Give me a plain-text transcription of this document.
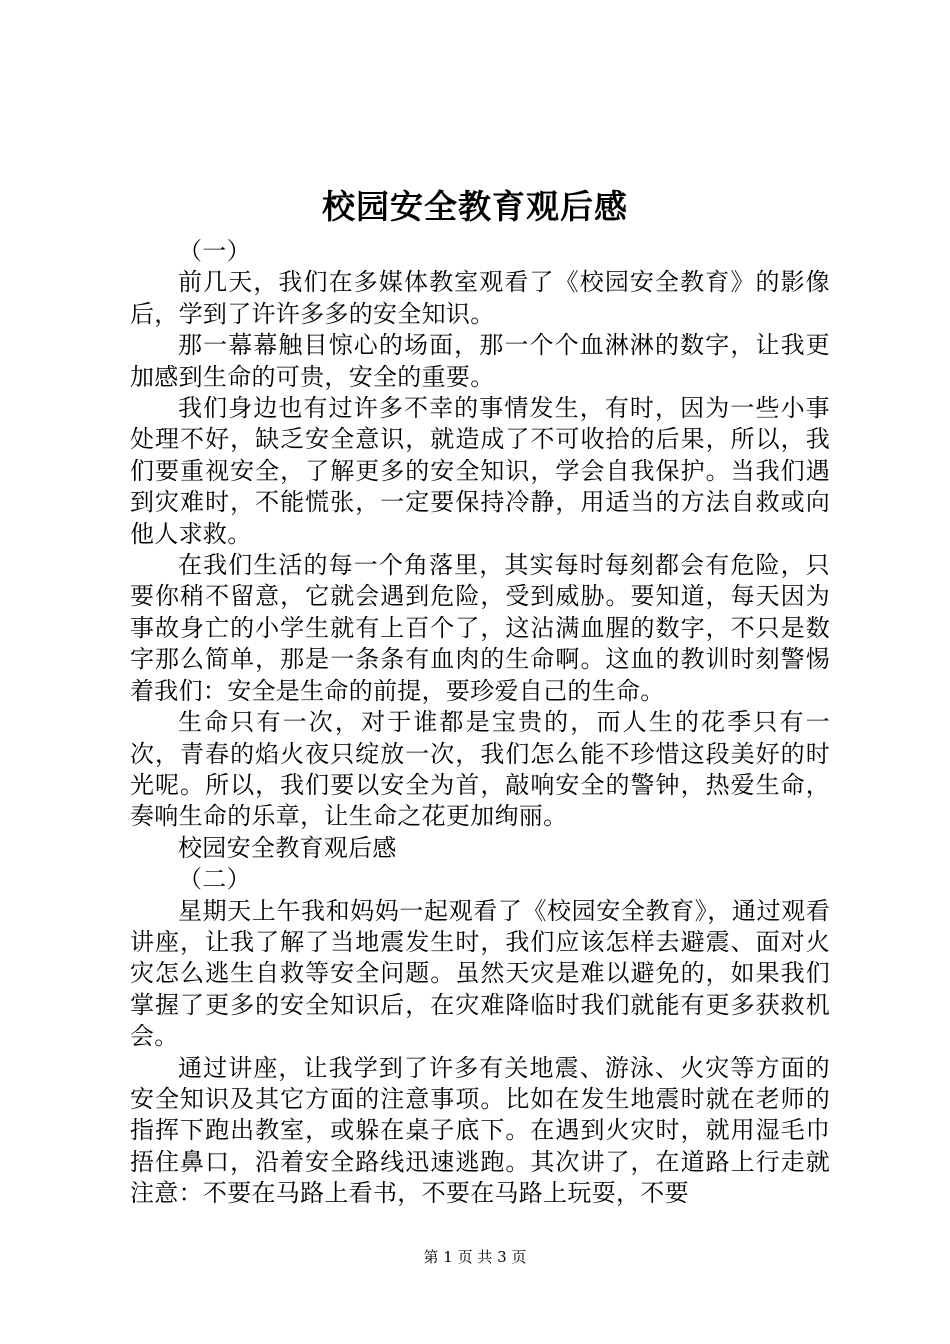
校园安全教育观后感

（一）

前几天，我们在多媒体教室观看了《校园安全教育》的影像后，学到了许许多多的安全知识。

那一幕幕触目惊心的场面，那一个个血淋淋的数字，让我更加感到生命的可贵，安全的重要。

我们身边也有过许多不幸的事情发生，有时，因为一些小事处理不好，缺乏安全意识，就造成了不可收拾的后果，所以，我们要重视安全，了解更多的安全知识，学会自我保护。当我们遇到灾难时，不能慌张，一定要保持冷静，用适当的方法自救或向他人求救。

在我们生活的每一个角落里，其实每时每刻都会有危险，只要你稍不留意，它就会遇到危险，受到威胁。要知道，每天因为事故身亡的小学生就有上百个了，这沾满血腥的数字，不只是数字那么简单，那是一条条有血肉的生命啊。这血的教训时刻警惕着我们：安全是生命的前提，要珍爱自己的生命。

生命只有一次，对于谁都是宝贵的，而人生的花季只有一次，青春的焰火夜只绽放一次，我们怎么能不珍惜这段美好的时光呢。所以，我们要以安全为首，敲响安全的警钟，热爱生命，奏响生命的乐章，让生命之花更加绚丽。

校园安全教育观后感

（二）

星期天上午我和妈妈一起观看了《校园安全教育》，通过观看讲座，让我了解了当地震发生时，我们应该怎样去避震、面对火灾怎么逃生自救等安全问题。虽然天灾是难以避免的，如果我们掌握了更多的安全知识后，在灾难降临时我们就能有更多获救机会。

通过讲座，让我学到了许多有关地震、游泳、火灾等方面的安全知识及其它方面的注意事项。比如在发生地震时就在老师的指挥下跑出教室，或躲在桌子底下。在遇到火灾时，就用湿毛巾捂住鼻口，沿着安全路线迅速逃跑。其次讲了，在道路上行走就注意：不要在马路上看书，不要在马路上玩耍，不要

第 1 页 共 3 页
